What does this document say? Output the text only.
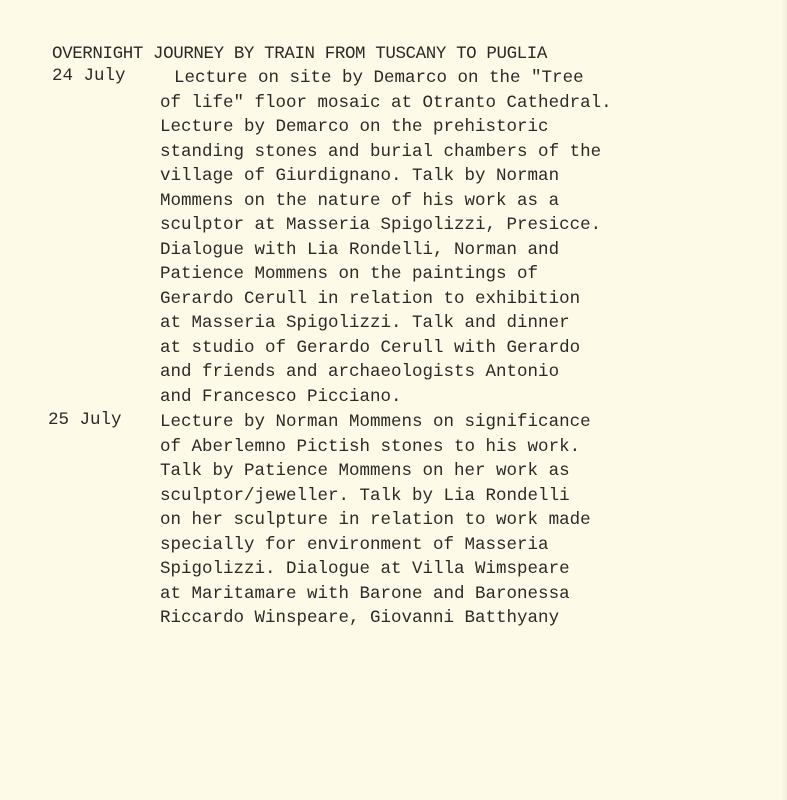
OVERNIGHT JOURNEY BY TRAIN FROM TUSCANY TO PUGLIA
24 July	Lecture on site by Demarco on the "Tree
of life" floor mosaic at Otranto Cathedral.
Lecture by Demarco on the prehistoric
standing stones and burial chambers of the
village of Giurdignano. Talk by Norman
Mommens on the nature of his work as a
sculptor at Masseria Spigolizzi, Presicce.
Dialogue with Lia Rondelli, Norman and
Patience Mommens on the paintings of
Gerardo Cerull in relation to exhibition
at Masseria Spigolizzi. Talk and dinner
at studio of Gerardo Cerull with Gerardo
and friends and archaeologists Antonio
and Francesco Picciano.
25 July Lecture by Norman Mommens on significance
of Aberlemno Pictish stones to his work.
Talk by Patience Mommens on her work as
sculptor/jeweller. Talk by Lia Rondelli
on her sculpture in relation to work made
specially for environment of Masseria
Spigolizzi. Dialogue at Villa Wimspeare
at Maritamare with Barone and Baronessa
Riccardo Winspeare, Giovanni Batthyany
